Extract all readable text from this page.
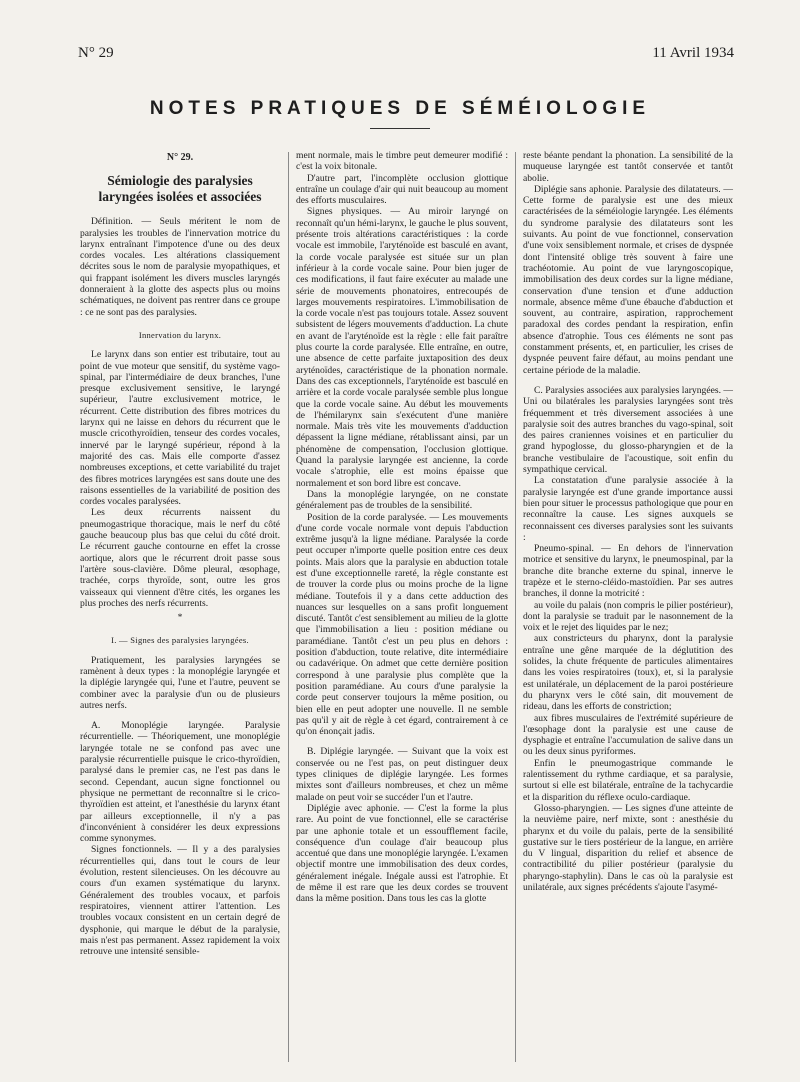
N° 29	11 Avril 1934
NOTES PRATIQUES DE SÉMÉIOLOGIE

N° 29.

Sémiologie des paralysies laryngées isolées et associées

Définition. — Seuls méritent le nom de paralysies les troubles de l'innervation motrice du larynx entraînant l'impotence d'une ou des deux cordes vocales. Les altérations classiquement décrites sous le nom de paralysie myopathiques, et qui frappant isolément les divers muscles laryngés donneraient à la glotte des aspects plus ou moins schématiques, ne doivent pas rentrer dans ce groupe : ce ne sont pas des paralysies.

Innervation du larynx.

Le larynx dans son entier est tributaire, tout au point de vue moteur que sensitif, du système vago-spinal, par l'intermédiaire de deux branches, l'une presque exclusivement sensitive, le laryngé supérieur, l'autre exclusivement motrice, le récurrent. Cette distribution des fibres motrices du larynx qui ne laisse en dehors du récurrent que le muscle cricothyroïdien, tenseur des cordes vocales, innervé par le laryngé supérieur, répond à la majorité des cas. Mais elle comporte d'assez nombreuses exceptions, et cette variabilité du trajet des fibres motrices laryngées est sans doute une des raisons essentielles de la variabilité de position des cordes vocales paralysées.

Les deux récurrents naissent du pneumogastrique thoracique, mais le nerf du côté gauche beaucoup plus bas que celui du côté droit. Le récurrent gauche contourne en effet la crosse aortique, alors que le récurrent droit passe sous l'artère sous-clavière. Dôme pleural, œsophage, trachée, corps thyroïde, sont, outre les gros vaisseaux qui viennent d'être cités, les organes les plus proches des nerfs récurrents.

*

I. — Signes des paralysies laryngées.

Pratiquement, les paralysies laryngées se ramènent à deux types : la monoplégie laryngée et la diplégie laryngée qui, l'une et l'autre, peuvent se combiner avec la paralysie d'un ou de plusieurs autres nerfs.

A. Monoplégie laryngée. Paralysie récurrentielle. — Théoriquement, une monoplégie laryngée totale ne se confond pas avec une paralysie récurrentielle puisque le crico-thyroïdien, paralysé dans le premier cas, ne l'est pas dans le second. Cependant, aucun signe fonctionnel ou physique ne permettant de reconnaître si le crico-thyroïdien est atteint, et l'anesthésie du larynx étant par ailleurs exceptionnelle, il n'y a pas d'inconvénient à considérer les deux expressions comme synonymes.

Signes fonctionnels. — Il y a des paralysies récurrentielles qui, dans tout le cours de leur évolution, restent silencieuses. On les découvre au cours d'un examen systématique du larynx. Généralement des troubles vocaux, et parfois respiratoires, viennent attirer l'attention. Les troubles vocaux consistent en un certain degré de dysphonie, qui marque le début de la paralysie, mais n'est pas permanent. Assez rapidement la voix retrouve une intensité sensible-

ment normale, mais le timbre peut demeurer modifié : c'est la voix bitonale.

D'autre part, l'incomplète occlusion glottique entraîne un coulage d'air qui nuit beaucoup au moment des efforts musculaires.

Signes physiques. — Au miroir laryngé on reconnaît qu'un hémi-larynx, le gauche le plus souvent, présente trois altérations caractéristiques : la corde vocale est immobile, l'aryténoïde est basculé en avant, la corde vocale paralysée est située sur un plan inférieur à la corde vocale saine. Pour bien juger de ces modifications, il faut faire exécuter au malade une série de mouvements phonatoires, entrecoupés de larges mouvements respiratoires. L'immobilisation de la corde vocale n'est pas toujours totale. Assez souvent subsistent de légers mouvements d'adduction. La chute en avant de l'aryténoïde est la règle : elle fait paraître plus courte la corde paralysée. Elle entraîne, en outre, une absence de cette parfaite juxtaposition des deux aryténoïdes, caractéristique de la phonation normale. Dans des cas exceptionnels, l'aryténoïde est basculé en arrière et la corde vocale paralysée semble plus longue que la corde vocale saine. Au début les mouvements de l'hémilarynx sain s'exécutent d'une manière normale. Mais très vite les mouvements d'adduction dépassent la ligne médiane, rétablissant ainsi, par un phénomène de compensation, l'occlusion glottique. Quand la paralysie laryngée est ancienne, la corde vocale s'atrophie, elle est moins épaisse que normalement et son bord libre est concave.

Dans la monoplégie laryngée, on ne constate généralement pas de troubles de la sensibilité.

Position de la corde paralysée. — Les mouvements d'une corde vocale normale vont depuis l'abduction extrême jusqu'à la ligne médiane. Paralysée la corde peut occuper n'importe quelle position entre ces deux points. Mais alors que la paralysie en abduction totale est d'une exceptionnelle rareté, la règle constante est de trouver la corde plus ou moins proche de la ligne médiane. Toutefois il y a dans cette adduction des nuances sur lesquelles on a sans profit longuement discuté. Tantôt c'est sensiblement au milieu de la glotte que l'immobilisation a lieu : position médiane ou paramédiane. Tantôt c'est un peu plus en dehors : position d'abduction, toute relative, dite intermédiaire ou cadavérique. On admet que cette dernière position correspond à une paralysie plus complète que la position paramédiane. Au cours d'une paralysie la corde peut conserver toujours la même position, ou bien elle en peut adopter une nouvelle. Il ne semble pas qu'il y ait de règle à cet égard, contrairement à ce qu'on énonçait jadis.

B. Diplégie laryngée. — Suivant que la voix est conservée ou ne l'est pas, on peut distinguer deux types cliniques de diplégie laryngée. Les formes mixtes sont d'ailleurs nombreuses, et chez un même malade on peut voir se succéder l'un et l'autre.

Diplégie avec aphonie. — C'est la forme la plus rare. Au point de vue fonctionnel, elle se caractérise par une aphonie totale et un essoufflement facile, conséquence d'un coulage d'air beaucoup plus accentué que dans une monoplégie laryngée. L'examen objectif montre une immobilisation des deux cordes, généralement inégale. Inégale aussi est l'atrophie. Et de même il est rare que les deux cordes se trouvent dans la même position. Dans tous les cas la glotte

reste béante pendant la phonation. La sensibilité de la muqueuse laryngée est tantôt conservée et tantôt abolie.

Diplégie sans aphonie. Paralysie des dilatateurs. — Cette forme de paralysie est une des mieux caractérisées de la séméiologie laryngée. Les éléments du syndrome paralysie des dilatateurs sont les suivants. Au point de vue fonctionnel, conservation d'une voix sensiblement normale, et crises de dyspnée dont l'intensité oblige très souvent à faire une trachéotomie. Au point de vue laryngoscopique, immobilisation des deux cordes sur la ligne médiane, conservation d'une tension et d'une adduction normale, absence même d'une ébauche d'abduction et souvent, au contraire, aspiration, rapprochement paradoxal des cordes pendant la respiration, enfin absence d'atrophie. Tous ces éléments ne sont pas constamment présents, et, en particulier, les crises de dyspnée peuvent faire défaut, au moins pendant une certaine période de la maladie.

C. Paralysies associées aux paralysies laryngées. — Uni ou bilatérales les paralysies laryngées sont très fréquemment et très diversement associées à une paralysie soit des autres branches du vago-spinal, soit des paires craniennes voisines et en particulier du grand hypoglosse, du glosso-pharyngien et de la branche vestibulaire de l'acoustique, soit enfin du sympathique cervical.

La constatation d'une paralysie associée à la paralysie laryngée est d'une grande importance aussi bien pour situer le processus pathologique que pour en reconnaître la cause. Les signes auxquels se reconnaissent ces diverses paralysies sont les suivants :

Pneumo-spinal. — En dehors de l'innervation motrice et sensitive du larynx, le pneumospinal, par la branche dite branche externe du spinal, innerve le trapèze et le sterno-cléido-mastoïdien. Par ses autres branches, il donne la motricité :

au voile du palais (non compris le pilier postérieur), dont la paralysie se traduit par le nasonnement de la voix et le rejet des liquides par le nez;

aux constricteurs du pharynx, dont la paralysie entraîne une gêne marquée de la déglutition des solides, la chute fréquente de particules alimentaires dans les voies respiratoires (toux), et, si la paralysie est unilatérale, un déplacement de la paroi postérieure du pharynx vers le côté sain, dit mouvement de rideau, dans les efforts de constriction;

aux fibres musculaires de l'extrémité supérieure de l'œsophage dont la paralysie est une cause de dysphagie et entraîne l'accumulation de salive dans un ou les deux sinus pyriformes.

Enfin le pneumogastrique commande le ralentissement du rythme cardiaque, et sa paralysie, surtout si elle est bilatérale, entraîne de la tachycardie et la disparition du réflexe oculo-cardiaque.

Glosso-pharyngien. — Les signes d'une atteinte de la neuvième paire, nerf mixte, sont : anesthésie du pharynx et du voile du palais, perte de la sensibilité gustative sur le tiers postérieur de la langue, en arrière du V lingual, disparition du relief et absence de contractibilité du pilier postérieur (paralysie du pharyngo-staphylin). Dans le cas où la paralysie est unilatérale, aux signes précédents s'ajoute l'asymé-
